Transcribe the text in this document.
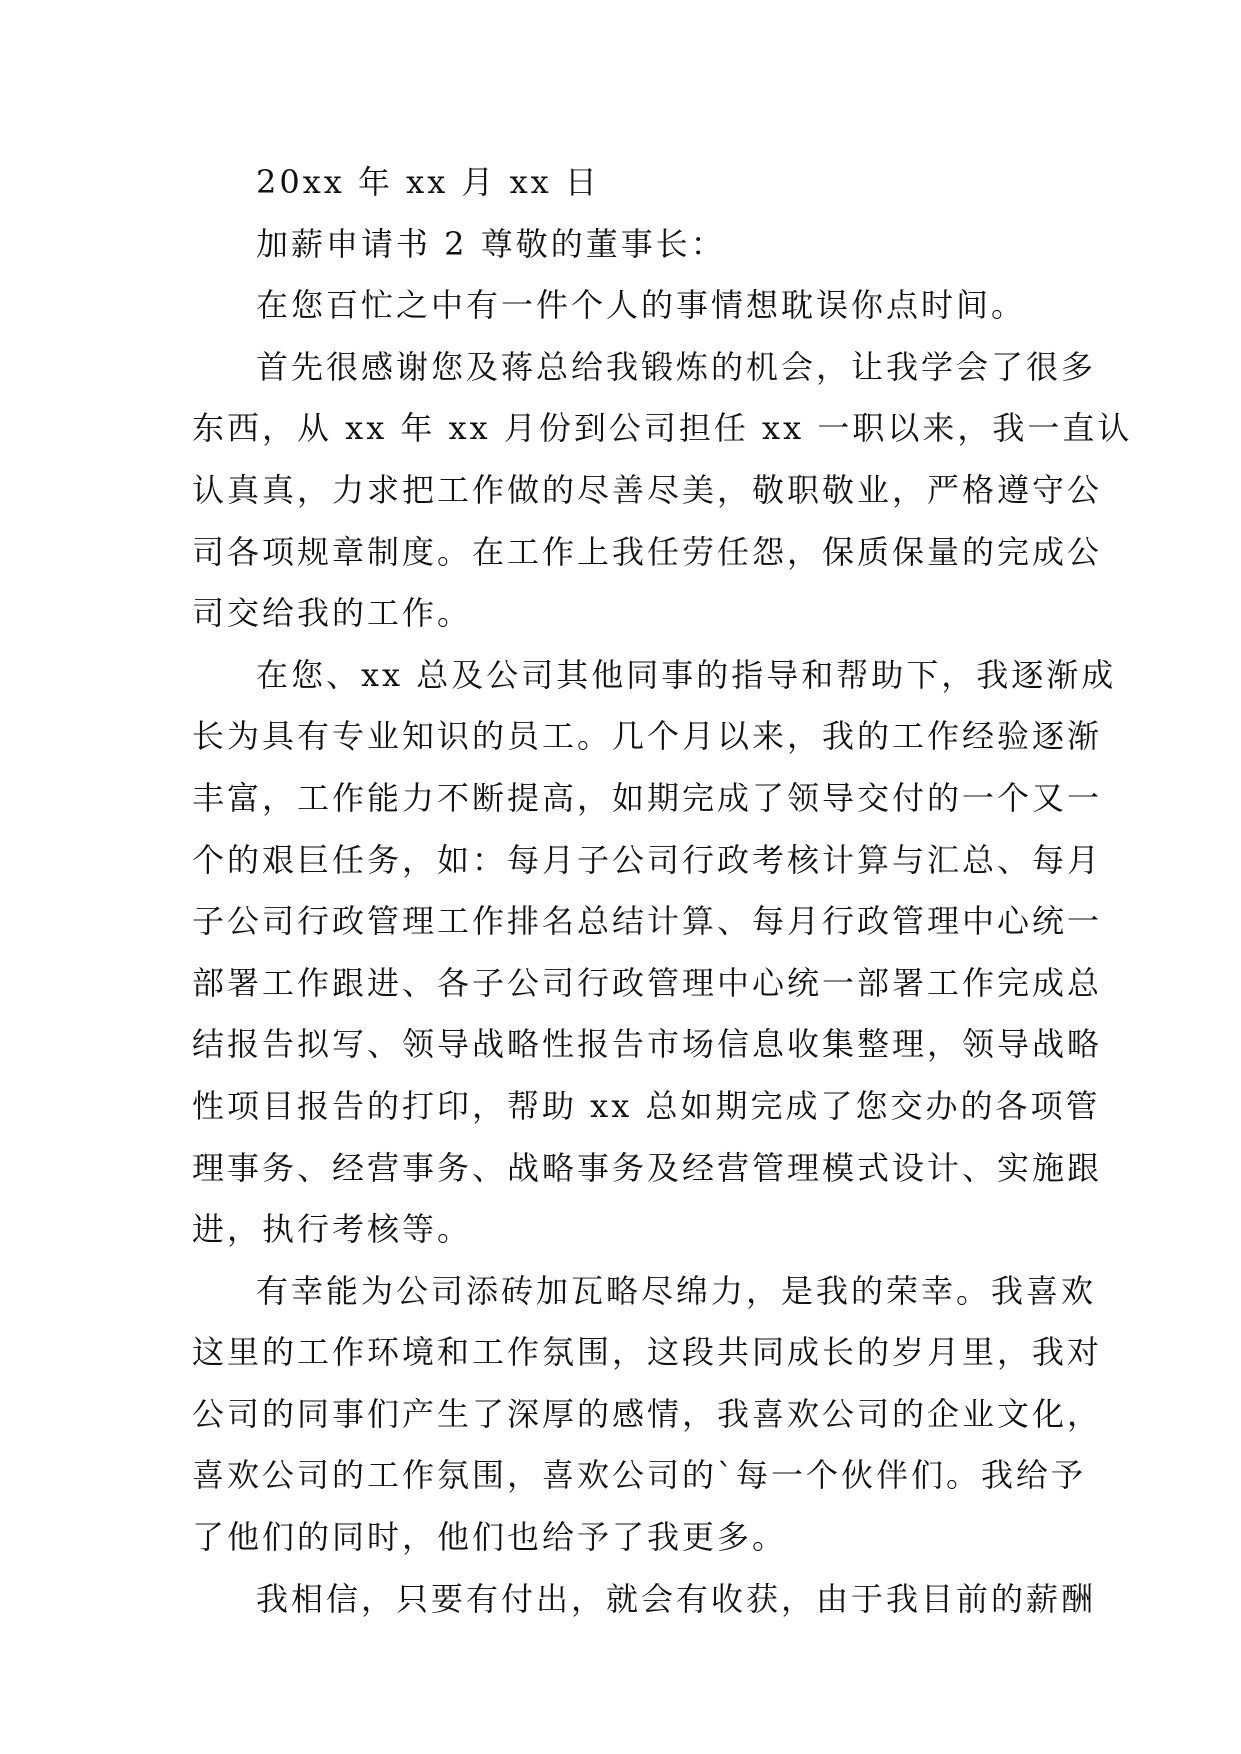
20xx 年 xx 月 xx 日
加薪申请书 2 尊敬的董事长：
在您百忙之中有一件个人的事情想耽误你点时间。
首先很感谢您及蒋总给我锻炼的机会，让我学会了很多
东西，从 xx 年 xx 月份到公司担任 xx 一职以来，我一直认
认真真，力求把工作做的尽善尽美，敬职敬业，严格遵守公
司各项规章制度。在工作上我任劳任怨，保质保量的完成公
司交给我的工作。
在您、xx 总及公司其他同事的指导和帮助下，我逐渐成
长为具有专业知识的员工。几个月以来，我的工作经验逐渐
丰富，工作能力不断提高，如期完成了领导交付的一个又一
个的艰巨任务，如：每月子公司行政考核计算与汇总、每月
子公司行政管理工作排名总结计算、每月行政管理中心统一
部署工作跟进、各子公司行政管理中心统一部署工作完成总
结报告拟写、领导战略性报告市场信息收集整理，领导战略
性项目报告的打印，帮助 xx 总如期完成了您交办的各项管
理事务、经营事务、战略事务及经营管理模式设计、实施跟
进，执行考核等。
有幸能为公司添砖加瓦略尽绵力，是我的荣幸。我喜欢
这里的工作环境和工作氛围，这段共同成长的岁月里，我对
公司的同事们产生了深厚的感情，我喜欢公司的企业文化，
喜欢公司的工作氛围，喜欢公司的`每一个伙伴们。我给予
了他们的同时，他们也给予了我更多。
我相信，只要有付出，就会有收获，由于我目前的薪酬
